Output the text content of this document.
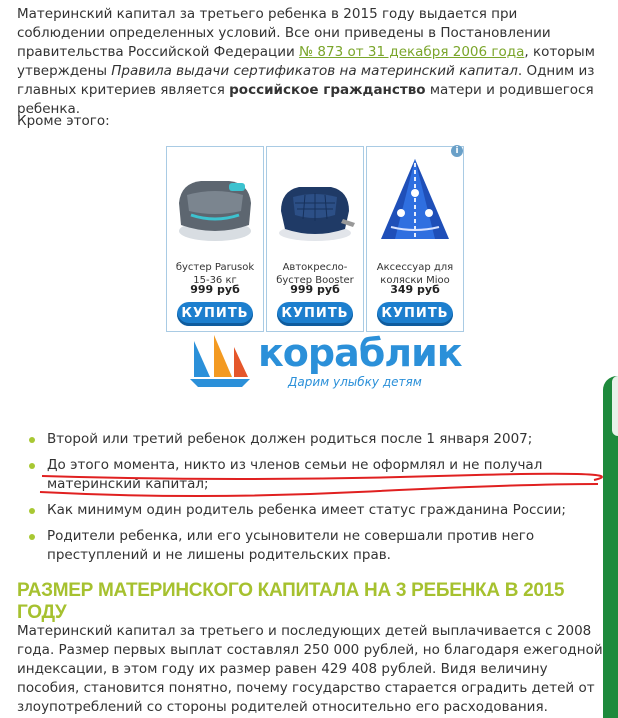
Материнский капитал за третьего ребенка в 2015 году выдается при соблюдении определенных условий. Все они приведены в Постановлении правительства Российской Федерации № 873 от 31 декабря 2006 года, которым утверждены Правила выдачи сертификатов на материнский капитал. Одним из главных критериев является российское гражданство матери и родившегося ребенка.
Кроме этого:
бустер Parusok 15-36 кг
999 руб
КУПИТЬ
Автокресло-бустер Booster
999 руб
КУПИТЬ
Аксессуар для коляски Mioo
349 руб
КУПИТЬ
i
кораблик
Дарим улыбку детям
Второй или третий ребенок должен родиться после 1 января 2007;
До этого момента, никто из членов семьи не оформлял и не получал материнский капитал;
Как минимум один родитель ребенка имеет статус гражданина России;
Родители ребенка, или его усыновители не совершали против него преступлений и не лишены родительских прав.
РАЗМЕР МАТЕРИНСКОГО КАПИТАЛА НА 3 РЕБЕНКА В 2015 ГОДУ
Материнский капитал за третьего и последующих детей выплачивается с 2008 года. Размер первых выплат составлял 250 000 рублей, но благодаря ежегодной индексации, в этом году их размер равен 429 408 рублей. Видя величину пособия, становится понятно, почему государство старается оградить детей от злоупотреблений со стороны родителей относительно его расходования.
